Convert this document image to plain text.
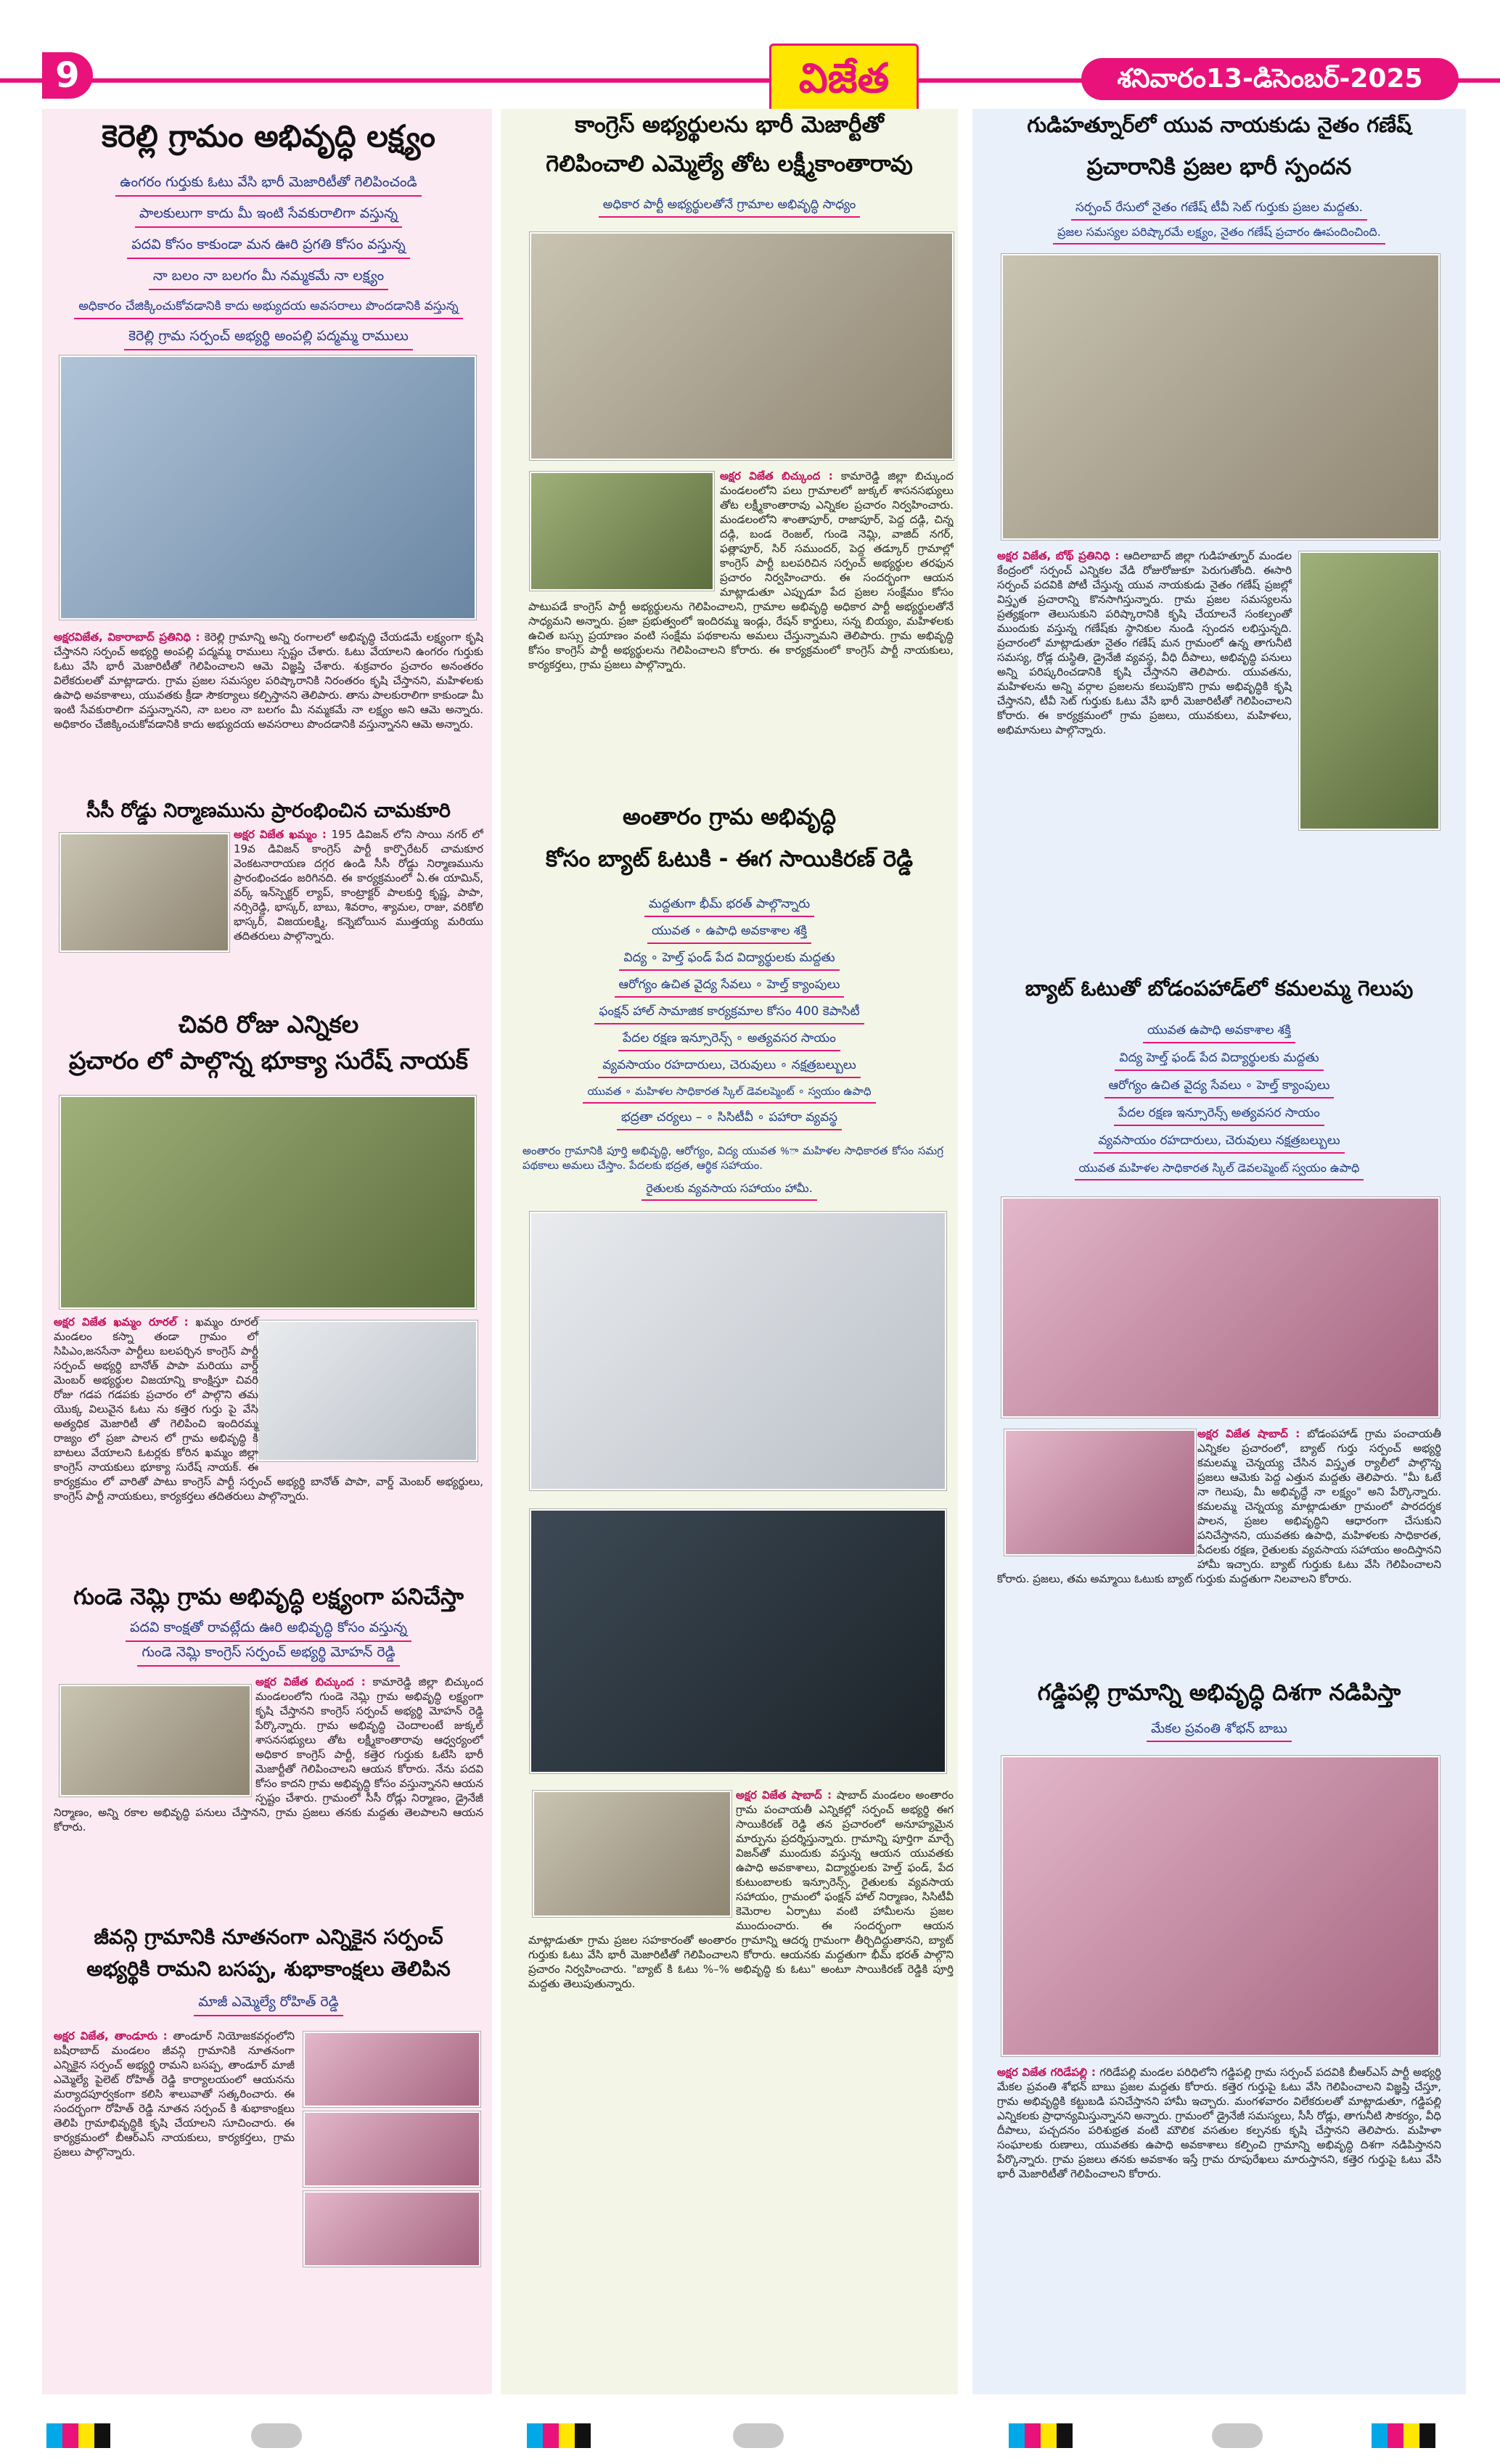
9	విజేత	శనివారం13-డిసెంబర్-2025
కెరెల్లి గ్రామం అభివృద్ధి లక్ష్యం
ఉంగరం గుర్తుకు ఓటు వేసి భారీ మెజారిటీతో గెలిపించండి
పాలకులుగా కాదు మీ ఇంటి సేవకురాలిగా వస్తున్న
పదవి కోసం కాకుండా మన ఊరి ప్రగతి కోసం వస్తున్న
నా బలం నా బలగం మీ నమ్మకమే నా లక్ష్యం
అధికారం చేజిక్కించుకోవడానికి కాదు అభ్యుదయ అవసరాలు పొందడానికి వస్తున్న
కెరెల్లి గ్రామ సర్పంచ్ అభ్యర్థి అంపల్లి పద్మమ్మ రాములు
అక్షరవిజేత, వికారాబాద్ ప్రతినిధి : కెరెల్లి గ్రామాన్ని అన్ని రంగాలలో అభివృద్ధి చేయడమే లక్ష్యంగా కృషి చేస్తానని సర్పంచ్ అభ్యర్థి అంపల్లి పద్మమ్మ రాములు స్పష్టం చేశారు. ఓటు వేయాలని ఉంగరం గుర్తుకు ఓటు వేసి భారీ మెజారిటీతో గెలిపించాలని ఆమె విజ్ఞప్తి చేశారు. శుక్రవారం ప్రచారం అనంతరం విలేకరులతో మాట్లాడారు. గ్రామ ప్రజల సమస్యల పరిష్కారానికి నిరంతరం కృషి చేస్తానని, మహిళలకు ఉపాధి అవకాశాలు, యువతకు క్రీడా సౌకర్యాలు కల్పిస్తానని తెలిపారు. తాను పాలకురాలిగా కాకుండా మీ ఇంటి సేవకురాలిగా వస్తున్నానని, నా బలం నా బలగం మీ నమ్మకమే నా లక్ష్యం అని ఆమె అన్నారు. అధికారం చేజిక్కించుకోవడానికి కాదు అభ్యుదయ అవసరాలు పొందడానికి వస్తున్నానని ఆమె అన్నారు.
సీసీ రోడ్డు నిర్మాణమును ప్రారంభించిన చామకూరి
అక్షర విజేత ఖమ్మం : 195 డివిజన్ లోని సాయి నగర్ లో 19వ డివిజన్ కాంగ్రెస్ పార్టీ కార్పొరేటర్ చామకూర వెంకటనారాయణ దగ్గర ఉండి సీసీ రోడ్డు నిర్మాణమును ప్రారంభించడం జరిగినది. ఈ కార్యక్రమంలో ఏ.ఈ యామిన్, వర్క్ ఇన్‌స్పెక్టర్ ల్యాప్, కాంట్రాక్టర్ పాలకుర్తి కృష్ణ, పాపా, నర్సిరెడ్డి, భాస్కర్, బాబు, శివరాం, శ్యామల, రాజు, వరికోలి భాస్కర్, విజయలక్ష్మి, కన్నెబోయిన ముత్తయ్య మరియు తదితరులు పాల్గొన్నారు.
చివరి రోజు ఎన్నికల
ప్రచారం లో పాల్గొన్న భూక్యా సురేష్ నాయక్
అక్షర విజేత ఖమ్మం రూరల్ : ఖమ్మం రూరల్ మండలం కస్నా తండా గ్రామం లో సిపిఎం,జనసేనా పార్టీలు బలపర్చిన కాంగ్రెస్ పార్టీ సర్పంచ్ అభ్యర్థి బానోత్ పాపా మరియు వార్డ్ మెంబర్ అభ్యర్థుల విజయాన్ని కాంక్షిస్తూ చివరి రోజు గడప గడపకు ప్రచారం లో పాల్గొని తమ యొక్క విలువైన ఓటు ను కత్తెర గుర్తు పై వేసి అత్యధిక మెజారిటీ తో గెలిపించి ఇందిరమ్మ రాజ్యం లో ప్రజా పాలన లో గ్రామ అభివృద్ధి కి బాటలు వేయాలని ఓటర్లకు కోరిన ఖమ్మం జిల్లా కాంగ్రెస్ నాయకులు భూక్యా సురేష్ నాయక్. ఈ కార్యక్రమం లో వారితో పాటు కాంగ్రెస్ పార్టీ సర్పంచ్ అభ్యర్థి బానోత్ పాపా, వార్డ్ మెంబర్ అభ్యర్థులు, కాంగ్రెస్ పార్టీ నాయకులు, కార్యకర్తలు తదితరులు పాల్గొన్నారు.
గుండె నెమ్లి గ్రామ అభివృద్ధి లక్ష్యంగా పనిచేస్తా
పదవి కాంక్షతో రావట్లేదు ఊరి అభివృద్ధి కోసం వస్తున్న
గుండె నెమ్లి కాంగ్రెస్ సర్పంచ్ అభ్యర్థి మోహన్ రెడ్డి
అక్షర విజేత బిచ్కుంద : కామారెడ్డి జిల్లా బిచ్కుంద మండలంలోని గుండె నెమ్లి గ్రామ అభివృద్ధి లక్ష్యంగా కృషి చేస్తానని కాంగ్రెస్ సర్పంచ్ అభ్యర్థి మోహన్ రెడ్డి పేర్కొన్నారు. గ్రామ అభివృద్ధి చెందాలంటే జుక్కల్ శాసనసభ్యులు తోట లక్ష్మీకాంతారావు ఆధ్వర్యంలో అధికార కాంగ్రెస్ పార్టీ, కత్తెర గుర్తుకు ఓటేసి భారీ మెజార్టీతో గెలిపించాలని ఆయన కోరారు. నేను పదవి కోసం కాదని గ్రామ అభివృద్ధి కోసం వస్తున్నానని ఆయన స్పష్టం చేశారు. గ్రామంలో సీసీ రోడ్లు నిర్మాణం, డ్రైనేజీ నిర్మాణం, అన్ని రకాల అభివృద్ధి పనులు చేస్తానని, గ్రామ ప్రజలు తనకు మద్దతు తెలపాలని ఆయన కోరారు.
జీవన్గి గ్రామానికి నూతనంగా ఎన్నికైన సర్పంచ్
అభ్యర్థికి రామని బసప్ప, శుభాకాంక్షలు తెలిపిన
మాజీ ఎమ్మెల్యే రోహిత్ రెడ్డి
అక్షర విజేత, తాండూరు : తాండూర్ నియోజకవర్గంలోని బషీరాబాద్ మండలం జీవన్గి గ్రామానికి నూతనంగా ఎన్నికైన సర్పంచ్ అభ్యర్థి రామని బసప్ప, తాండూర్ మాజీ ఎమ్మెల్యే పైలెట్ రోహిత్ రెడ్డి కార్యాలయంలో ఆయనను మర్యాదపూర్వకంగా కలిసి శాలువాతో సత్కరించారు. ఈ సందర్భంగా రోహిత్ రెడ్డి నూతన సర్పంచ్ కి శుభాకాంక్షలు తెలిపి గ్రామాభివృద్ధికి కృషి చేయాలని సూచించారు. ఈ కార్యక్రమంలో బీఆర్ఎస్ నాయకులు, కార్యకర్తలు, గ్రామ ప్రజలు పాల్గొన్నారు.
కాంగ్రెస్ అభ్యర్థులను భారీ మెజార్టీతో
గెలిపించాలి ఎమ్మెల్యే తోట లక్ష్మీకాంతారావు
అధికార పార్టీ అభ్యర్థులతోనే గ్రామాల అభివృద్ధి సాధ్యం
అక్షర విజేత బిచ్కుంద : కామారెడ్డి జిల్లా బిచ్కుంద మండలంలోని పలు గ్రామాలలో జుక్కల్ శాసనసభ్యులు తోట లక్ష్మీకాంతారావు ఎన్నికల ప్రచారం నిర్వహించారు. మండలంలోని శాంతాపూర్, రాజాపూర్, పెద్ద దడ్గి, చిన్న దడ్గి, బండ రెంజల్, గుండె నెమ్లి, వాజిద్ నగర్, ఫత్లాపూర్, సిర్ సముందర్, పెద్ద తడ్కూర్ గ్రామాల్లో కాంగ్రెస్ పార్టీ బలపరిచిన సర్పంచ్ అభ్యర్థుల తరఫున ప్రచారం నిర్వహించారు. ఈ సందర్భంగా ఆయన మాట్లాడుతూ ఎప్పుడూ పేద ప్రజల సంక్షేమం కోసం పాటుపడే కాంగ్రెస్ పార్టీ అభ్యర్థులను గెలిపించాలని, గ్రామాల అభివృద్ధి అధికార పార్టీ అభ్యర్థులతోనే సాధ్యమని అన్నారు. ప్రజా ప్రభుత్వంలో ఇందిరమ్మ ఇండ్లు, రేషన్ కార్డులు, సన్న బియ్యం, మహిళలకు ఉచిత బస్సు ప్రయాణం వంటి సంక్షేమ పథకాలను అమలు చేస్తున్నామని తెలిపారు. గ్రామ అభివృద్ధి కోసం కాంగ్రెస్ పార్టీ అభ్యర్థులను గెలిపించాలని కోరారు. ఈ కార్యక్రమంలో కాంగ్రెస్ పార్టీ నాయకులు, కార్యకర్తలు, గ్రామ ప్రజలు పాల్గొన్నారు.
అంతారం గ్రామ అభివృద్ధి
కోసం బ్యాట్ ఓటుకి - ఈగ సాయికిరణ్ రెడ్డి
మద్దతుగా భీమ్ భరత్ పాల్గొన్నారు
యువత ∘ ఉపాధి అవకాశాల శక్తి
విద్య ∘ హెల్త్ ఫండ్ పేద విద్యార్థులకు మద్దతు
ఆరోగ్యం ఉచిత వైద్య సేవలు ∘ హెల్త్ క్యాంపులు
ఫంక్షన్ హాల్ సామాజిక కార్యక్రమాల కోసం 400 కెపాసిటీ
పేదల రక్షణ ఇన్సూరెన్స్ ∘ అత్యవసర సాయం
వ్యవసాయం రహదారులు, చెరువులు ∘ నక్షత్రబల్బులు
యువత ∘ మహిళల సాధికారత స్కిల్ డెవలప్మెంట్ ∘ స్వయం ఉపాధి
భద్రతా చర్యలు – ∘ సిసిటీవీ ∘ పహారా వ్యవస్థ
అంతారం గ్రామానికి పూర్తి అభివృద్ధి, ఆరోగ్యం, విద్య యువత %ా మహిళల సాధికారత కోసం సమగ్ర పథకాలు అమలు చేస్తాం. పేదలకు భద్రత, ఆర్థిక సహాయం.
రైతులకు వ్యవసాయ సహాయం హామీ.
అక్షర విజేత షాబాద్ : షాబాద్ మండలం అంతారం గ్రామ పంచాయతీ ఎన్నికల్లో సర్పంచ్ అభ్యర్థి ఈగ సాయికిరణ్ రెడ్డి తన ప్రచారంలో అనూహ్యమైన మార్పును ప్రదర్శిస్తున్నారు. గ్రామాన్ని పూర్తిగా మార్చే విజన్‌తో ముందుకు వస్తున్న ఆయన యువతకు ఉపాధి అవకాశాలు, విద్యార్థులకు హెల్త్ ఫండ్, పేద కుటుంబాలకు ఇన్సూరెన్స్, రైతులకు వ్యవసాయ సహాయం, గ్రామంలో ఫంక్షన్ హాల్ నిర్మాణం, సిసిటీవీ కెమెరాల ఏర్పాటు వంటి హామీలను ప్రజల ముందుంచారు. ఈ సందర్భంగా ఆయన మాట్లాడుతూ గ్రామ ప్రజల సహకారంతో అంతారం గ్రామాన్ని ఆదర్శ గ్రామంగా తీర్చిదిద్దుతానని, బ్యాట్ గుర్తుకు ఓటు వేసి భారీ మెజారిటీతో గెలిపించాలని కోరారు. ఆయనకు మద్దతుగా భీమ్ భరత్ పాల్గొని ప్రచారం నిర్వహించారు. "బ్యాట్ కి ఓటు %–% అభివృద్ధి కు ఓటు" అంటూ సాయికిరణ్ రెడ్డికి పూర్తి మద్దతు తెలుపుతున్నారు.
గుడిహత్నూర్‌లో యువ నాయకుడు నైతం గణేష్
ప్రచారానికి ప్రజల భారీ స్పందన
సర్పంచ్ రేసులో నైతం గణేష్ టీవీ సెట్ గుర్తుకు ప్రజల మద్దతు.
ప్రజల సమస్యల పరిష్కారమే లక్ష్యం, నైతం గణేష్ ప్రచారం ఊపందించింది.
అక్షర విజేత, బోథ్ ప్రతినిధి : ఆదిలాబాద్ జిల్లా గుడిహత్నూర్ మండల కేంద్రంలో సర్పంచ్ ఎన్నికల వేడి రోజురోజుకూ పెరుగుతోంది. ఈసారి సర్పంచ్ పదవికి పోటీ చేస్తున్న యువ నాయకుడు నైతం గణేష్ ప్రజల్లో విస్తృత ప్రచారాన్ని కొనసాగిస్తున్నారు. గ్రామ ప్రజల సమస్యలను ప్రత్యక్షంగా తెలుసుకుని పరిష్కారానికి కృషి చేయాలనే సంకల్పంతో ముందుకు వస్తున్న గణేష్‌కు స్థానికుల నుండి స్పందన లభిస్తున్నది. ప్రచారంలో మాట్లాడుతూ నైతం గణేష్ మన గ్రామంలో ఉన్న తాగునీటి సమస్య, రోడ్ల దుస్థితి, డ్రైనేజీ వ్యవస్థ, వీధి దీపాలు, అభివృద్ధి పనులు అన్ని పరిష్కరించడానికి కృషి చేస్తానని తెలిపారు. యువతను, మహిళలను అన్ని వర్గాల ప్రజలను కలుపుకొని గ్రామ అభివృద్ధికి కృషి చేస్తానని, టీవీ సెట్ గుర్తుకు ఓటు వేసి భారీ మెజారిటీతో గెలిపించాలని కోరారు. ఈ కార్యక్రమంలో గ్రామ ప్రజలు, యువకులు, మహిళలు, అభిమానులు పాల్గొన్నారు.
బ్యాట్ ఓటుతో బోడంపహాడ్‌లో కమలమ్మ గెలుపు
యువత ఉపాధి అవకాశాల శక్తి
విద్య హెల్త్ ఫండ్ పేద విద్యార్థులకు మద్దతు
ఆరోగ్యం ఉచిత వైద్య సేవలు ∘ హెల్త్ క్యాంపులు
పేదల రక్షణ ఇన్సూరెన్స్ అత్యవసర సాయం
వ్యవసాయం రహదారులు, చెరువులు నక్షత్రబల్బులు
యువత మహిళల సాధికారత స్కిల్ డెవలప్మెంట్ స్వయం ఉపాధి
అక్షర విజేత షాబాద్ : బోడంపహాడ్ గ్రామ పంచాయతీ ఎన్నికల ప్రచారంలో, బ్యాట్ గుర్తు సర్పంచ్ అభ్యర్థి కమలమ్మ చెన్నయ్య చేసిన విస్తృత ర్యాలీలో పాల్గొన్న ప్రజలు ఆమెకు పెద్ద ఎత్తున మద్దతు తెలిపారు. "మీ ఓటే నా గెలుపు, మీ అభివృద్ధే నా లక్ష్యం" అని పేర్కొన్నారు. కమలమ్మ చెన్నయ్య మాట్లాడుతూ గ్రామంలో పారదర్శక పాలన, ప్రజల అభివృద్ధిని ఆధారంగా చేసుకుని పనిచేస్తానని, యువతకు ఉపాధి, మహిళలకు సాధికారత, పేదలకు రక్షణ, రైతులకు వ్యవసాయ సహాయం అందిస్తానని హామీ ఇచ్చారు. బ్యాట్ గుర్తుకు ఓటు వేసి గెలిపించాలని కోరారు. ప్రజలు, తమ అమ్మాయి ఓటుకు బ్యాట్ గుర్తుకు మద్దతుగా నిలవాలని కోరారు.
గడ్డిపల్లి గ్రామాన్ని అభివృద్ధి దిశగా నడిపిస్తా
మేకల ప్రవంతి శోభన్ బాబు
అక్షర విజేత గరిడేపల్లి : గరిడేపల్లి మండల పరిధిలోని గడ్డిపల్లి గ్రామ సర్పంచ్ పదవికి బీఆర్ఎస్ పార్టీ అభ్యర్థి మేకల ప్రవంతి శోభన్ బాబు ప్రజల మద్దతు కోరారు. కత్తెర గుర్తుపై ఓటు వేసి గెలిపించాలని విజ్ఞప్తి చేస్తూ, గ్రామ అభివృద్ధికి కట్టుబడి పనిచేస్తానని హామీ ఇచ్చారు. మంగళవారం విలేకరులతో మాట్లాడుతూ, గడ్డిపల్లి ఎన్నికలకు ప్రాధాన్యమిస్తున్నానని అన్నారు. గ్రామంలో డ్రైనేజీ సమస్యలు, సీసీ రోడ్లు, తాగునీటి సౌకర్యం, వీధి దీపాలు, పచ్చదనం పరిశుభ్రత వంటి మౌలిక వసతుల కల్పనకు కృషి చేస్తానని తెలిపారు. మహిళా సంఘాలకు రుణాలు, యువతకు ఉపాధి అవకాశాలు కల్పించి గ్రామాన్ని అభివృద్ధి దిశగా నడిపిస్తానని పేర్కొన్నారు. గ్రామ ప్రజలు తనకు అవకాశం ఇస్తే గ్రామ రూపురేఖలు మారుస్తానని, కత్తెర గుర్తుపై ఓటు వేసి భారీ మెజారిటీతో గెలిపించాలని కోరారు.
